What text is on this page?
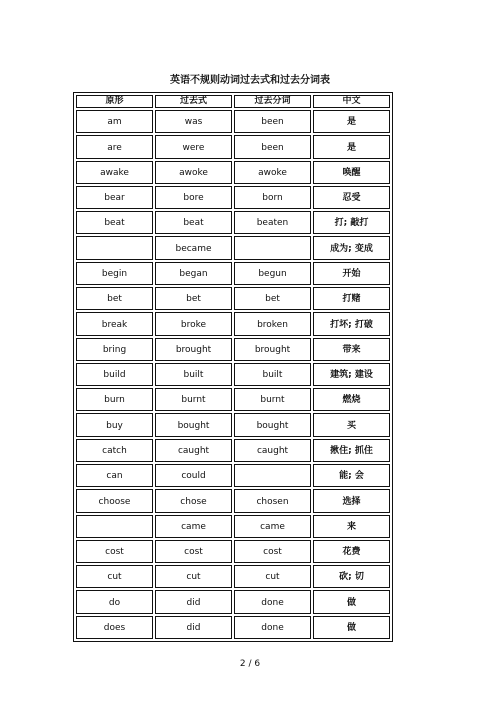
英语不规则动词过去式和过去分词表
原形	过去式	过去分词	中文
am	was	been	是
are	were	been	是
awake	awoke	awoke	唤醒
bear	bore	born	忍受
beat	beat	beaten	打; 敲打
	became		成为; 变成
begin	began	begun	开始
bet	bet	bet	打赌
break	broke	broken	打坏; 打破
bring	brought	brought	带来
build	built	built	建筑; 建设
burn	burnt	burnt	燃烧
buy	bought	bought	买
catch	caught	caught	揪住; 抓住
can	could		能; 会
choose	chose	chosen	选择
	came	came	来
cost	cost	cost	花费
cut	cut	cut	砍; 切
do	did	done	做
does	did	done	做
2 / 6
